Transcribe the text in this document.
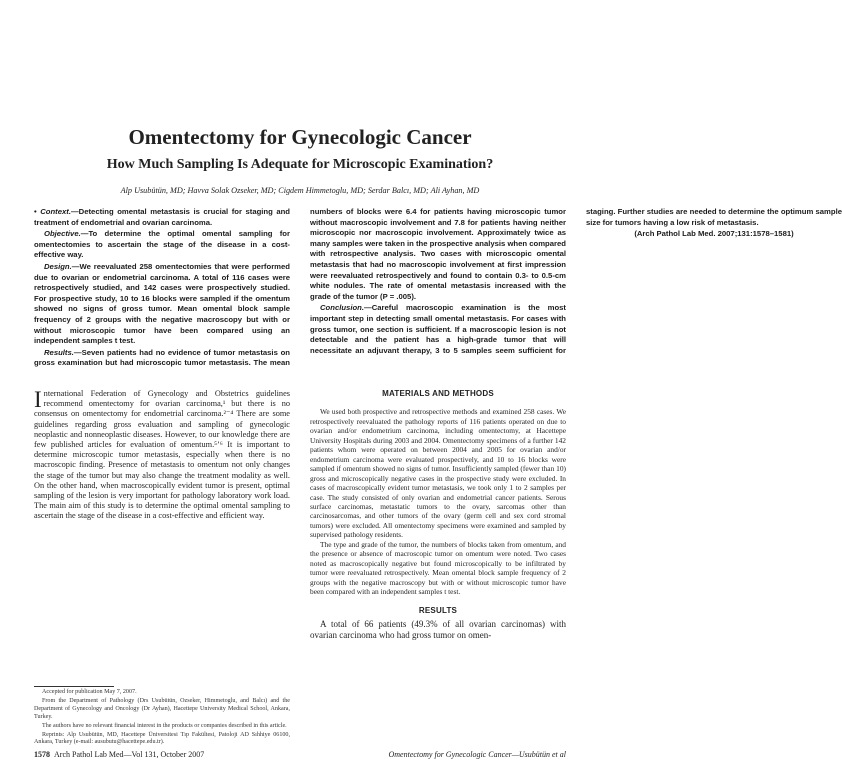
Omentectomy for Gynecologic Cancer
How Much Sampling Is Adequate for Microscopic Examination?
Alp Usubütün, MD; Havva Solak Ozseker, MD; Cigdem Himmetoglu, MD; Serdar Balcı, MD; Ali Ayhan, MD

• Context.—Detecting omental metastasis is crucial for staging and treatment of endometrial and ovarian carcinoma.

Objective.—To determine the optimal omental sampling for omentectomies to ascertain the stage of the disease in a cost-effective way.

Design.—We reevaluated 258 omentectomies that were performed due to ovarian or endometrial carcinoma. A total of 116 cases were retrospectively studied, and 142 cases were prospectively studied. For prospective study, 10 to 16 blocks were sampled if the omentum showed no signs of gross tumor. Mean omental block sample frequency of 2 groups with the negative macroscopy but with or without microscopic tumor have been compared using an independent samples t test.

Results.—Seven patients had no evidence of tumor metastasis on gross examination but had microscopic tumor metastasis. The mean numbers of blocks were 6.4 for patients having microscopic tumor without macroscopic involvement and 7.8 for patients having neither microscopic nor macroscopic involvement. Approximately twice as many samples were taken in the prospective analysis when compared with retrospective analysis. Two cases with microscopic omental metastasis that had no macroscopic involvement at first impression were reevaluated retrospectively and found to contain 0.3- to 0.5-cm white nodules. The rate of omental metastasis increased with the grade of the tumor (P = .005).

Conclusion.—Careful macroscopic examination is the most important step in detecting small omental metastasis. For cases with gross tumor, one section is sufficient. If a macroscopic lesion is not detectable and the patient has a high-grade tumor that will necessitate an adjuvant therapy, 3 to 5 samples seem sufficient for staging. Further studies are needed to determine the optimum sample size for tumors having a low risk of metastasis.

(Arch Pathol Lab Med. 2007;131:1578–1581)

International Federation of Gynecology and Obstetrics guidelines recommend omentectomy for ovarian carcinoma,¹ but there is no consensus on omentectomy for endometrial carcinoma.²⁻⁴ There are some guidelines regarding gross evaluation and sampling of gynecologic neoplastic and nonneoplastic diseases. However, to our knowledge there are few published articles for evaluation of omentum.⁵ʼ⁶ It is important to determine microscopic tumor metastasis, especially when there is no macroscopic finding. Presence of metastasis to omentum not only changes the stage of the tumor but may also change the treatment modality as well. On the other hand, when macroscopically evident tumor is present, optimal sampling of the lesion is very important for pathology laboratory work load. The main aim of this study is to determine the optimal omental sampling to ascertain the stage of the disease in a cost-effective and efficient way.

MATERIALS AND METHODS

We used both prospective and retrospective methods and examined 258 cases. We retrospectively reevaluated the pathology reports of 116 patients operated on due to ovarian and/or endometrium carcinoma, including omentectomy, at Hacettepe University Hospitals during 2003 and 2004. Omentectomy specimens of a further 142 patients whom were operated on between 2004 and 2005 for ovarian and/or endometrium carcinoma were evaluated prospectively, and 10 to 16 blocks were sampled if omentum showed no signs of tumor. Insufficiently sampled (fewer than 10) gross and microscopically negative cases in the prospective study were excluded. In cases of macroscopically evident tumor metastasis, we took only 1 to 2 samples per case. The study consisted of only ovarian and endometrial cancer patients. Serous surface carcinomas, metastatic tumors to the ovary, sarcomas other than carcinosarcomas, and other tumors of the ovary (germ cell and sex cord stromal tumors) were excluded. All omentectomy specimens were examined and sampled by supervised pathology residents.

The type and grade of the tumor, the numbers of blocks taken from omentum, and the presence or absence of macroscopic tumor on omentum were noted. Two cases noted as macroscopically negative but found microscopically to be infiltrated by tumor were reevaluated retrospectively. Mean omental block sample frequency of 2 groups with the negative macroscopy but with or without microscopic tumor have been compared with an independent samples t test.

RESULTS

A total of 66 patients (49.3% of all ovarian carcinomas) with ovarian carcinoma who had gross tumor on omen-

Accepted for publication May 7, 2007.

From the Department of Pathology (Drs Usubütün, Ozseker, Himmetoglu, and Balcı) and the Department of Gynecology and Oncology (Dr Ayhan), Hacettepe University Medical School, Ankara, Turkey.

The authors have no relevant financial interest in the products or companies described in this article.

Reprints: Alp Usubütün, MD, Hacettepe Üniversitesi Tıp Fakültesi, Patoloji AD Sıhhiye 06100, Ankara, Turkey (e-mail: ausubutu@hacettepe.edu.tr).

1578 Arch Pathol Lab Med—Vol 131, October 2007	Omentectomy for Gynecologic Cancer—Usubütün et al
